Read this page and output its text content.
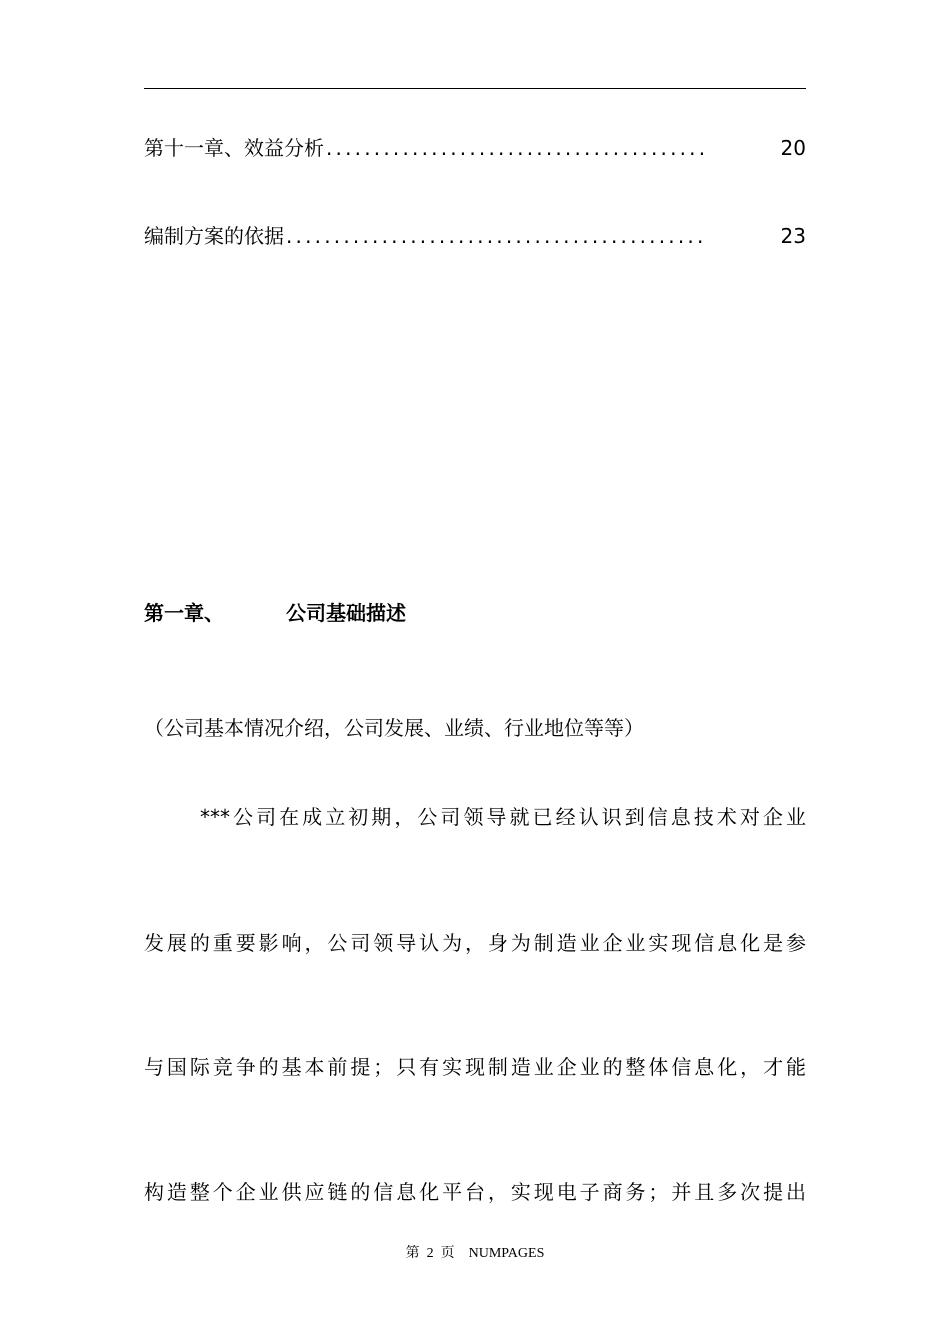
第十一章、效益分析 ........................................	20
编制方案的依据 ............................................	23
第一章、	公司基础描述
（公司基本情况介绍，公司发展、业绩、行业地位等等）
***公司在成立初期，公司领导就已经认识到信息技术对企业
发展的重要影响，公司领导认为，身为制造业企业实现信息化是参
与国际竞争的基本前提；只有实现制造业企业的整体信息化，才能
构造整个企业供应链的信息化平台，实现电子商务；并且多次提出
第 2 页 NUMPAGES
